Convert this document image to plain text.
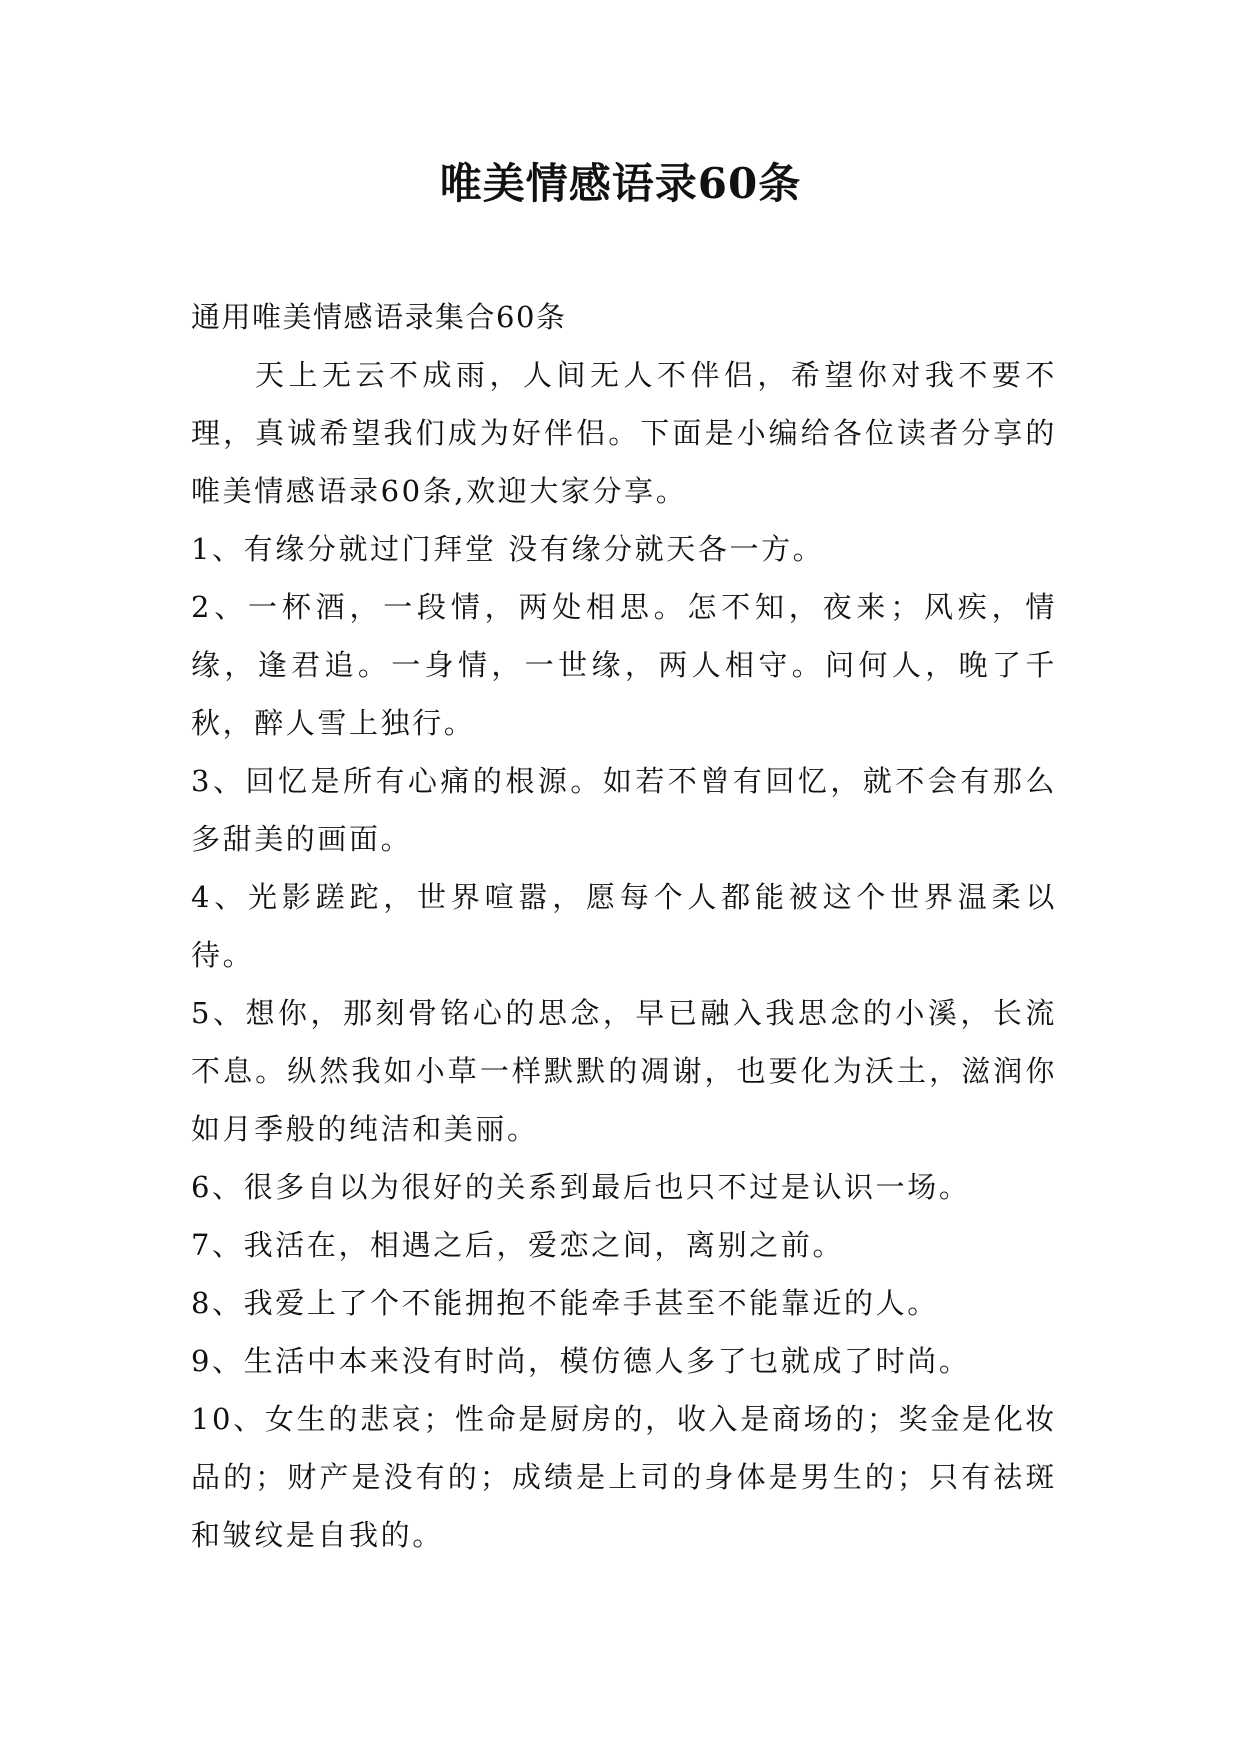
唯美情感语录60条

通用唯美情感语录集合60条

天上无云不成雨，人间无人不伴侣，希望你对我不要不理，真诚希望我们成为好伴侣。下面是小编给各位读者分享的唯美情感语录60条,欢迎大家分享。

1、有缘分就过门拜堂 没有缘分就天各一方。

2、一杯酒，一段情，两处相思。怎不知，夜来；风疾，情缘，逢君追。一身情，一世缘，两人相守。问何人，晚了千秋，醉人雪上独行。

3、回忆是所有心痛的根源。如若不曾有回忆，就不会有那么多甜美的画面。

4、光影蹉跎，世界喧嚣，愿每个人都能被这个世界温柔以待。

5、想你，那刻骨铭心的思念，早已融入我思念的小溪，长流不息。纵然我如小草一样默默的凋谢，也要化为沃土，滋润你如月季般的纯洁和美丽。

6、很多自以为很好的关系到最后也只不过是认识一场。

7、我活在，相遇之后，爱恋之间，离别之前。

8、我爱上了个不能拥抱不能牵手甚至不能靠近的人。

9、生活中本来没有时尚，模仿德人多了乜就成了时尚。

10、女生的悲哀；性命是厨房的，收入是商场的；奖金是化妆品的；财产是没有的；成绩是上司的身体是男生的；只有祛斑和皱纹是自我的。
